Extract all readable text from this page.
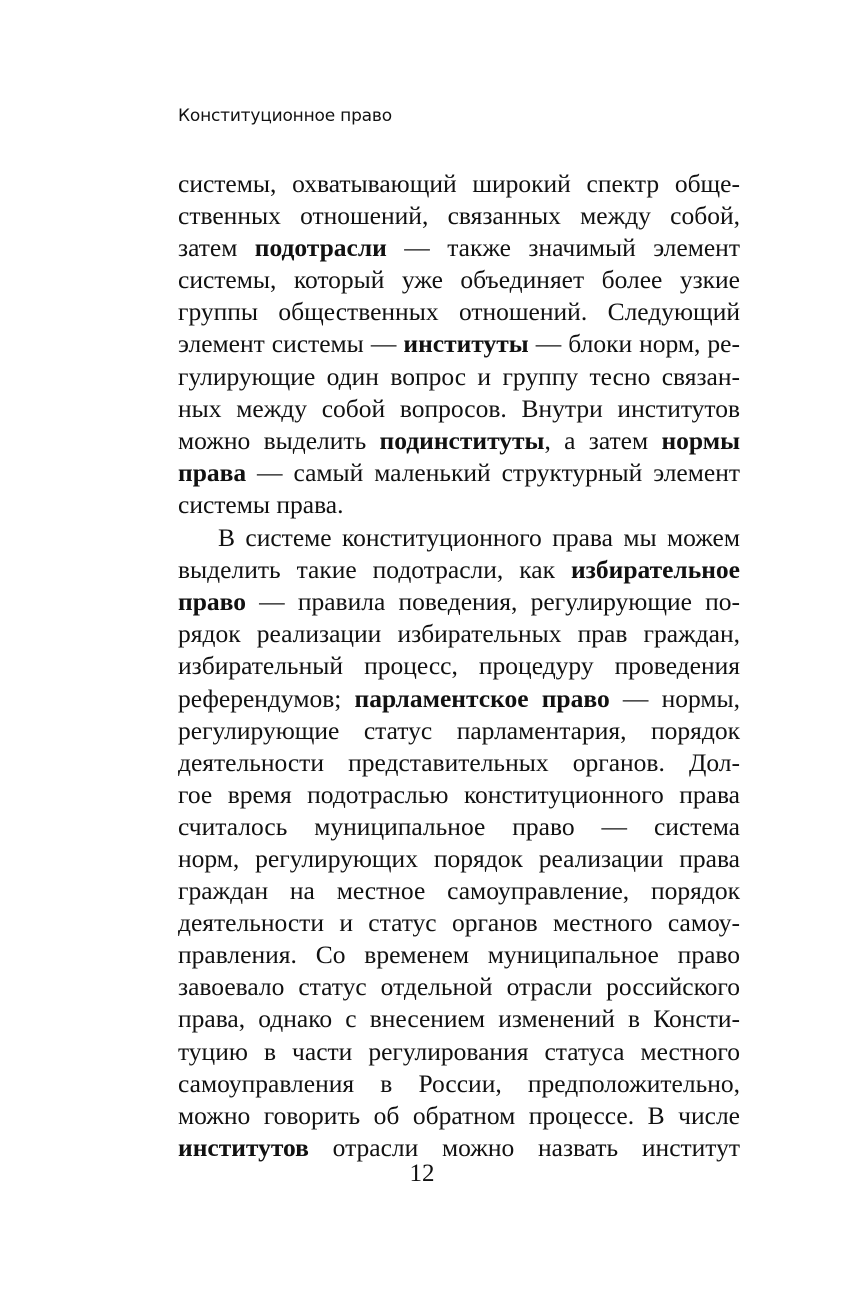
Конституционное право
системы, охватывающий широкий спектр обще-
ственных отношений, связанных между собой,
затем подотрасли — также значимый элемент
системы, который уже объединяет более узкие
группы общественных отношений. Следующий
элемент системы — институты — блоки норм, ре-
гулирующие один вопрос и группу тесно связан-
ных между собой вопросов. Внутри институтов
можно выделить подинституты, а затем нормы
права — самый маленький структурный элемент
системы права.
В системе конституционного права мы можем
выделить такие подотрасли, как избирательное
право — правила поведения, регулирующие по-
рядок реализации избирательных прав граждан,
избирательный процесс, процедуру проведения
референдумов; парламентское право — нормы,
регулирующие статус парламентария, порядок
деятельности представительных органов. Дол-
гое время подотраслью конституционного права
считалось муниципальное право — система
норм, регулирующих порядок реализации права
граждан на местное самоуправление, порядок
деятельности и статус органов местного самоу-
правления. Со временем муниципальное право
завоевало статус отдельной отрасли российского
права, однако с внесением изменений в Консти-
туцию в части регулирования статуса местного
самоуправления в России, предположительно,
можно говорить об обратном процессе. В числе
институтов отрасли можно назвать институт
12
